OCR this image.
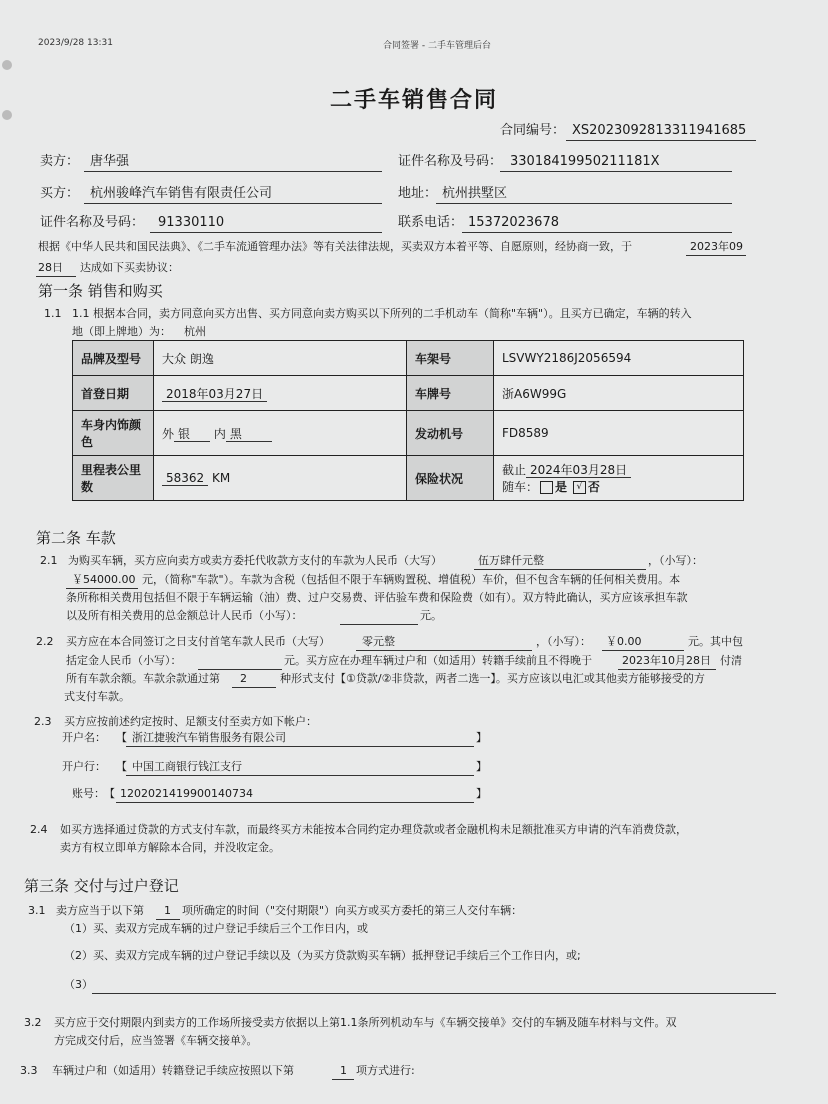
2023/9/28 13:31	合同签署 - 二手车管理后台
二手车销售合同
合同编号： XS2023092813311941685
卖方： 唐华强	证件名称及号码： 33018419950211181X
买方： 杭州骏峰汽车销售有限责任公司	地址： 杭州拱墅区
证件名称及号码： 91330110	联系电话： 15372023678
根据《中华人民共和国民法典》、《二手车流通管理办法》等有关法律法规，买卖双方本着平等、自愿原则，经协商一致，于	2023年09
28日 达成如下买卖协议：
第一条 销售和购买
1.1 1.1 根据本合同，卖方同意向买方出售、买方同意向卖方购买以下所列的二手机动车（简称"车辆"）。且买方已确定，车辆的转入
地（即上牌地）为： 杭州
品牌及型号	大众 朗逸	车架号	LSVWY2186J2056594
首登日期	2018年03月27日	车牌号	浙A6W99G
车身内饰颜色	外 银 内 黑	发动机号	FD8589
里程表公里数	58362 KM	保险状况	截止 2024年03月28日
随车： 是 √ 否
第二条 车款
2.1 为购买车辆，买方应向卖方或卖方委托代收款方支付的车款为人民币（大写）	伍万肆仟元整	，（小写）：
￥54000.00 元，（简称"车款"）。车款为含税（包括但不限于车辆购置税、增值税）车价，但不包含车辆的任何相关费用。本
条所称相关费用包括但不限于车辆运输（油）费、过户交易费、评估验车费和保险费（如有）。双方特此确认，买方应该承担车款
以及所有相关费用的总金额总计人民币（小写）：	元。
2.2 买方应在本合同签订之日支付首笔车款人民币（大写）	零元整	，（小写）： ￥0.00	元。其中包
括定金人民币（小写）：	元。买方应在办理车辆过户和（如适用）转籍手续前且不得晚于	2023年10月28日 付清
所有车款余额。车款余款通过第 2	种形式支付【①贷款/②非贷款，两者二选一】。买方应该以电汇或其他卖方能够接受的方
式支付车款。
2.3 买方应按前述约定按时、足额支付至卖方如下帐户：
开户名： 【 浙江捷骏汽车销售服务有限公司	】
开户行： 【 中国工商银行钱江支行	】
账号： 【 1202021419900140734	】
2.4 如买方选择通过贷款的方式支付车款，而最终买方未能按本合同约定办理贷款或者金融机构未足额批准买方申请的汽车消费贷款，
卖方有权立即单方解除本合同，并没收定金。
第三条 交付与过户登记
3.1 卖方应当于以下第 1 项所确定的时间（"交付期限"）向买方或买方委托的第三人交付车辆：
（1）买、卖双方完成车辆的过户登记手续后三个工作日内，或
（2）买、卖双方完成车辆的过户登记手续以及（为买方贷款购买车辆）抵押登记手续后三个工作日内，或;
（3）
3.2 买方应于交付期限内到卖方的工作场所接受卖方依据以上第1.1条所列机动车与《车辆交接单》交付的车辆及随车材料与文件。双
方完成交付后，应当签署《车辆交接单》。
3.3 车辆过户和（如适用）转籍登记手续应按照以下第	1 项方式进行:
